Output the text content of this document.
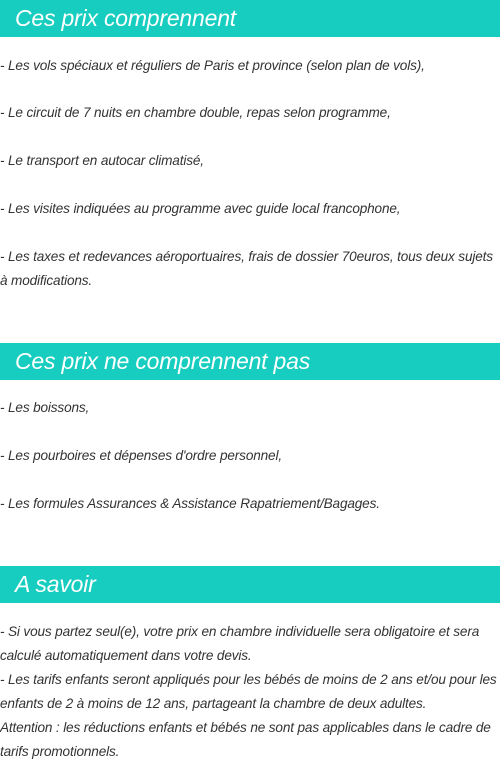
Ces prix comprennent

- Les vols spéciaux et réguliers de Paris et province (selon plan de vols),

- Le circuit de 7 nuits en chambre double, repas selon programme,

- Le transport en autocar climatisé,

- Les visites indiquées au programme avec guide local francophone,

- Les taxes et redevances aéroportuaires, frais de dossier 70euros, tous deux sujets à modifications.

Ces prix ne comprennent pas

- Les boissons,

- Les pourboires et dépenses d'ordre personnel,

- Les formules Assurances & Assistance Rapatriement/Bagages.

A savoir

- Si vous partez seul(e), votre prix en chambre individuelle sera obligatoire et sera calculé automatiquement dans votre devis.

- Les tarifs enfants seront appliqués pour les bébés de moins de 2 ans et/ou pour les enfants de 2 à moins de 12 ans, partageant la chambre de deux adultes.

Attention : les réductions enfants et bébés ne sont pas applicables dans le cadre de tarifs promotionnels.
